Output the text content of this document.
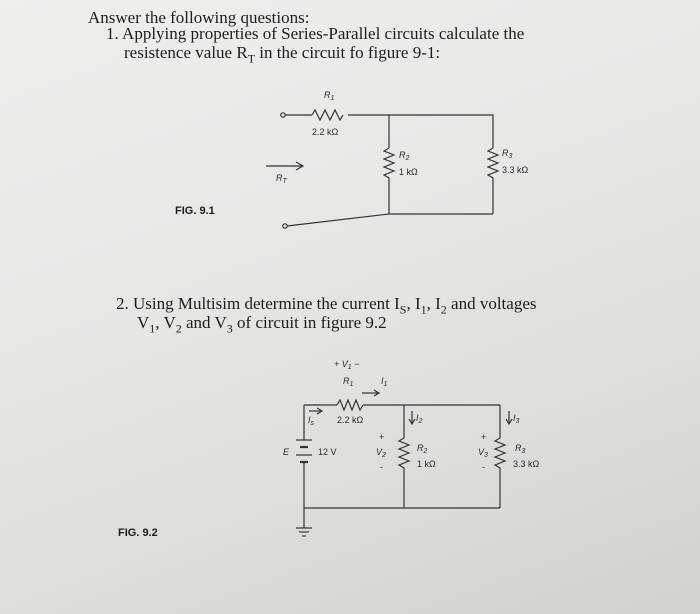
Answer the following questions:
1. Applying properties of Series-Parallel circuits calculate the
resistence value $R_T$ in the circuit fo figure 9-1:
2. Using Multisim determine the current $I_S$, $I_1$, $I_2$ and voltages
$V_1$, $V_2$ and $V_3$ of circuit in figure 9.2
FIG. 9.1
FIG. 9.2
$R_1$
2.2 kΩ
$R_2$
1 kΩ
$R_3$
3.3 kΩ
$R_T$
+ $V_1$ −
$R_1$	$I_1$
2.2 kΩ
$I_s$
$I_2$	$I_3$
E	12 V
+
$V_2$
-
$R_2$
1 kΩ
+
$V_3$
-
$R_3$
3.3 kΩ
